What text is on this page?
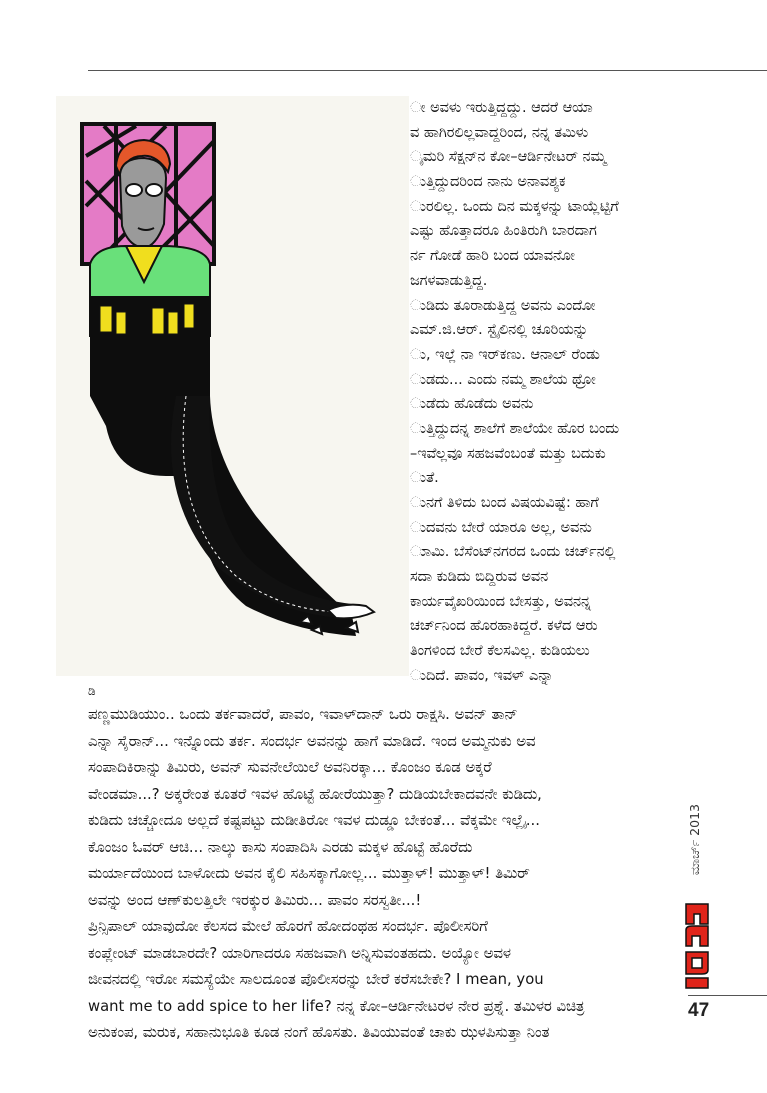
ೕ ಅವಳು ಇರುತ್ತಿದ್ದದ್ದು. ಆದರೆ ಆಯಾ
ವ ಹಾಗಿರಲಿಲ್ಲವಾದ್ದರಿಂದ, ನನ್ನ ತಮಿಳು
ೖಮರಿ ಸೆಕ್ಷನ್‌ನ ಕೋ–ಆರ್ಡಿನೇಟರ್ ನಮ್ಮ
ುತ್ತಿದ್ದುದರಿಂದ ನಾನು ಅನಾವಶ್ಯಕ
ುರಲಿಲ್ಲ. ಒಂದು ದಿನ ಮಕ್ಕಳನ್ನು ಟಾಯ್ಲೆಟ್ಟಿಗೆ
ಎಷ್ಟು ಹೊತ್ತಾದರೂ ಹಿಂತಿರುಗಿ ಬಾರದಾಗ
ರ್ನ ಗೋಡೆ ಹಾರಿ ಬಂದ ಯಾವನೋ
ಜಗಳವಾಡುತ್ತಿದ್ದ.
ುಡಿದು ತೂರಾಡುತ್ತಿದ್ದ ಅವನು ಎಂದೋ
ಎಮ್.ಜಿ.ಆರ್. ಸ್ಟೈಲಿನಲ್ಲಿ ಚೂರಿಯನ್ನು
ು, ಇಲ್ಲೆ ನಾ ಇರ್‌ಕಣು. ಆನಾಲ್ ರೆಂಡು
ುಡದು... ಎಂದು ನಮ್ಮ ಶಾಲೆಯ ಥ್ರೋ
ುಡೆದು ಹೊಡೆದು ಅವನು
ುತ್ತಿದ್ದುದನ್ನ ಶಾಲೆಗೆ ಶಾಲೆಯೇ ಹೊರ ಬಂದು
–ಇವೆಲ್ಲವೂ ಸಹಜವೆಂಬಂತೆ ಮತ್ತು ಬದುಕು
ುತೆ.
ುನಗೆ ತಿಳಿದು ಬಂದ ವಿಷಯವಿಷ್ಟೆ: ಹಾಗೆ
ುದವನು ಬೇರೆ ಯಾರೂ ಅಲ್ಲ, ಅವನು
ುಾಮಿ. ಬೆಸೆಂಟ್‌ನಗರದ ಒಂದು ಚರ್ಚ್‌ನಲ್ಲಿ
ಸದಾ ಕುಡಿದು ಬಿದ್ದಿರುವ ಅವನ
ಕಾರ್ಯವೈಖರಿಯಿಂದ ಬೇಸತ್ತು, ಅವನನ್ನ
ಚರ್ಚ್‌ನಿಂದ ಹೊರಹಾಕಿದ್ದರೆ. ಕಳೆದ ಆರು
ತಿಂಗಳಿಂದ ಬೇರೆ ಕೆಲಸವಿಲ್ಲ. ಕುಡಿಯಲು
ುದಿದೆ. ಪಾವಂ, ಇವಳ್ ಎನ್ನಾ
ಡಿ
ಪಣ್ಣಮುಡಿಯುಂ.. ಒಂದು ತರ್ಕವಾದರೆ, ಪಾವಂ, ಇವಾಳ್‌ದಾನ್ ಒರು ರಾಕ್ಷಸಿ. ಅವನ್ ತಾನ್
ಎನ್ನಾ ಸೈರಾನ್... ಇನ್ನೊಂದು ತರ್ಕ. ಸಂದರ್ಭ ಅವನನ್ನು ಹಾಗೆ ಮಾಡಿದೆ. ಇಂದ ಅಮ್ಮನುಕು ಅವ
ಸಂಪಾದಿಕಿರಾನ್ನು ತಿಮಿರು, ಅವನ್ ಸುವನೇಲೆಯಿಲೆ ಅವನಿರಕ್ಕಾ... ಕೊಂಜಂ ಕೂಡ ಅಕ್ಕರೆ
ವೇಂಡಮಾ...? ಅಕ್ಕರೇಂತ ಕೂತರೆ ಇವಳ ಹೊಟ್ಟೆ ಹೋರೆಯುತ್ತಾ? ದುಡಿಯಬೇಕಾದವನೇ ಕುಡಿದು,
ಕುಡಿದು ಚಚ್ಚೋದೂ ಅಲ್ಲದೆ ಕಷ್ಟಪಟ್ಟು ದುಡೀತಿರೋ ಇವಳ ದುಡ್ಡೂ ಬೇಕಂತೆ... ವೆಕ್ಕಮೇ ಇಲ್ಲೈ...
ಕೊಂಜಂ ಓವರ್ ಆಚಿ... ನಾಲ್ಕು ಕಾಸು ಸಂಪಾದಿಸಿ ಎರಡು ಮಕ್ಕಳ ಹೊಟ್ಟೆ ಹೊರೆದು
ಮರ್ಯಾದೆಯಿಂದ ಬಾಳೋದು ಅವನ ಕೈಲಿ ಸಹಿಸಕ್ಕಾಗೋಲ್ಲ... ಮುತ್ತಾಳ್! ಮುತ್ತಾಳ್! ತಿಮಿರ್
ಅವನ್ನು ಅಂದ ಆಣ್‌ಕುಲತ್ತಿಲೇ ಇರಕ್ಕುರ ತಿಮಿರು... ಪಾವಂ ಸರಸ್ವತೀ...!
ಪ್ರಿನ್ಸಿಪಾಲ್ ಯಾವುದೋ ಕೆಲಸದ ಮೇಲೆ ಹೊರಗೆ ಹೋದಂಥಹ ಸಂದರ್ಭ. ಪೊಲೀಸರಿಗೆ
ಕಂಪ್ಲೇಂಟ್ ಮಾಡಬಾರದೇ? ಯಾರಿಗಾದರೂ ಸಹಜವಾಗಿ ಅನ್ನಿಸುವಂತಹದು. ಅಯ್ಯೋ ಅವಳ
ಜೀವನದಲ್ಲಿ ಇರೋ ಸಮಸ್ಯೆಯೇ ಸಾಲದೂಂತ ಪೊಲೀಸರನ್ನು ಬೇರೆ ಕರೆಸಬೇಕೇ? I mean, you
want me to add spice to her life? ನನ್ನ ಕೋ–ಆರ್ಡಿನೇಟರಳ ನೇರ ಪ್ರಶ್ನೆ. ತಮಿಳರ ವಿಚಿತ್ರ
ಅನುಕಂಪ, ಮರುಕ, ಸಹಾನುಭೂತಿ ಕೂಡ ನಂಗೆ ಹೊಸತು. ತಿವಿಯುವಂತೆ ಚಾಕು ಝಳಪಿಸುತ್ತಾ ನಿಂತ
ಮಾರ್ಚ್ 2013
47
